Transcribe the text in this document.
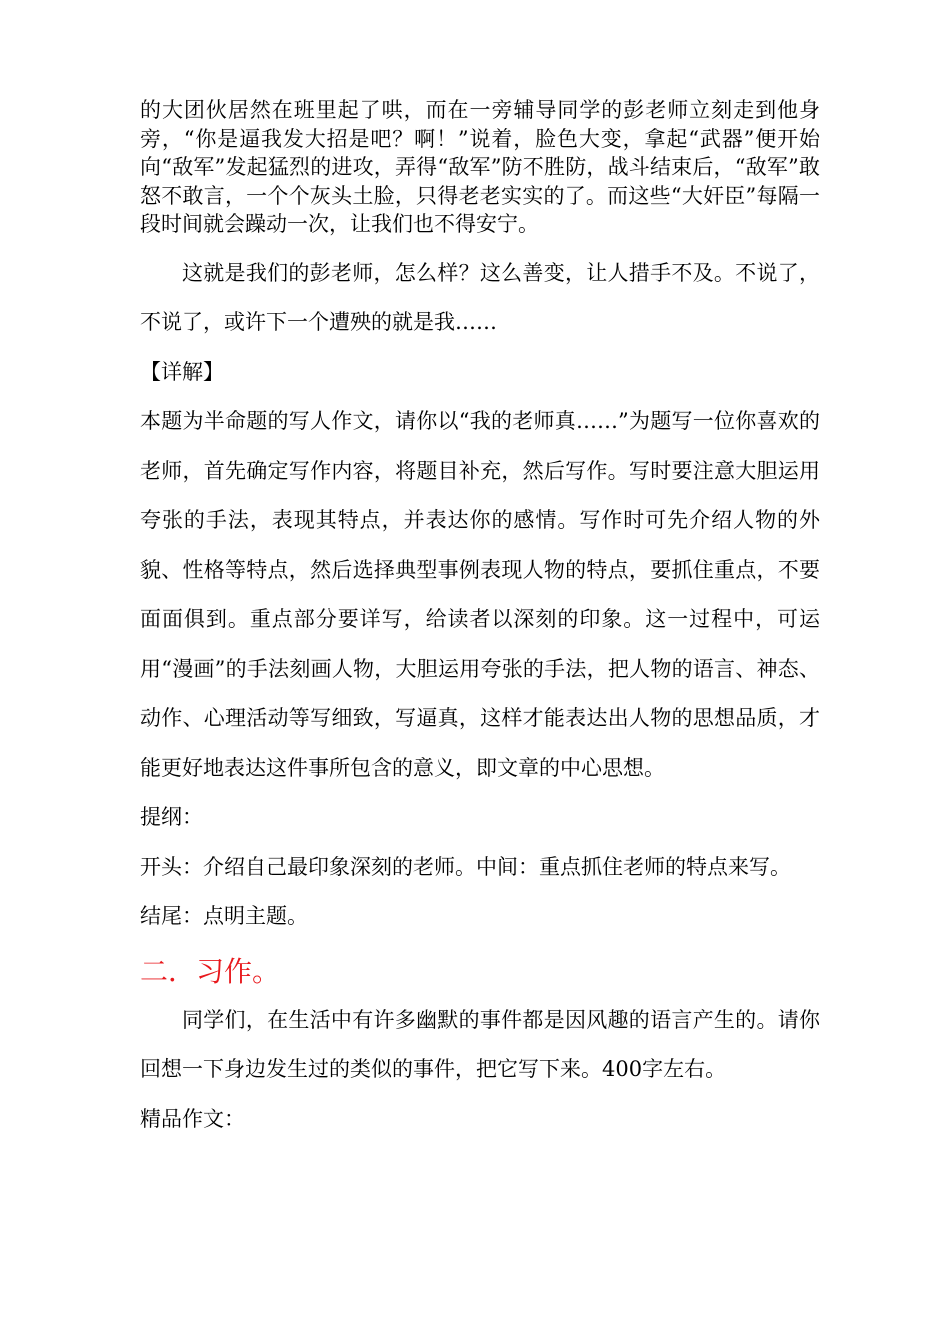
的大团伙居然在班里起了哄，而在一旁辅导同学的彭老师立刻走到他身旁，“你是逼我发大招是吧？啊！”说着，脸色大变，拿起“武器”便开始向“敌军”发起猛烈的进攻，弄得“敌军”防不胜防，战斗结束后，“敌军”敢怒不敢言，一个个灰头土脸，只得老老实实的了。而这些“大奸臣”每隔一段时间就会躁动一次，让我们也不得安宁。

这就是我们的彭老师，怎么样？这么善变，让人措手不及。不说了，不说了，或许下一个遭殃的就是我……

【详解】

本题为半命题的写人作文，请你以“我的老师真……”为题写一位你喜欢的老师，首先确定写作内容，将题目补充，然后写作。写时要注意大胆运用夸张的手法，表现其特点，并表达你的感情。写作时可先介绍人物的外貌、性格等特点，然后选择典型事例表现人物的特点，要抓住重点，不要面面俱到。重点部分要详写，给读者以深刻的印象。这一过程中，可运用“漫画”的手法刻画人物，大胆运用夸张的手法，把人物的语言、神态、动作、心理活动等写细致，写逼真，这样才能表达出人物的思想品质，才能更好地表达这件事所包含的意义，即文章的中心思想。

提纲：

开头：介绍自己最印象深刻的老师。中间：重点抓住老师的特点来写。

结尾：点明主题。

二．习作。

同学们，在生活中有许多幽默的事件都是因风趣的语言产生的。请你回想一下身边发生过的类似的事件，把它写下来。400字左右。

精品作文：
